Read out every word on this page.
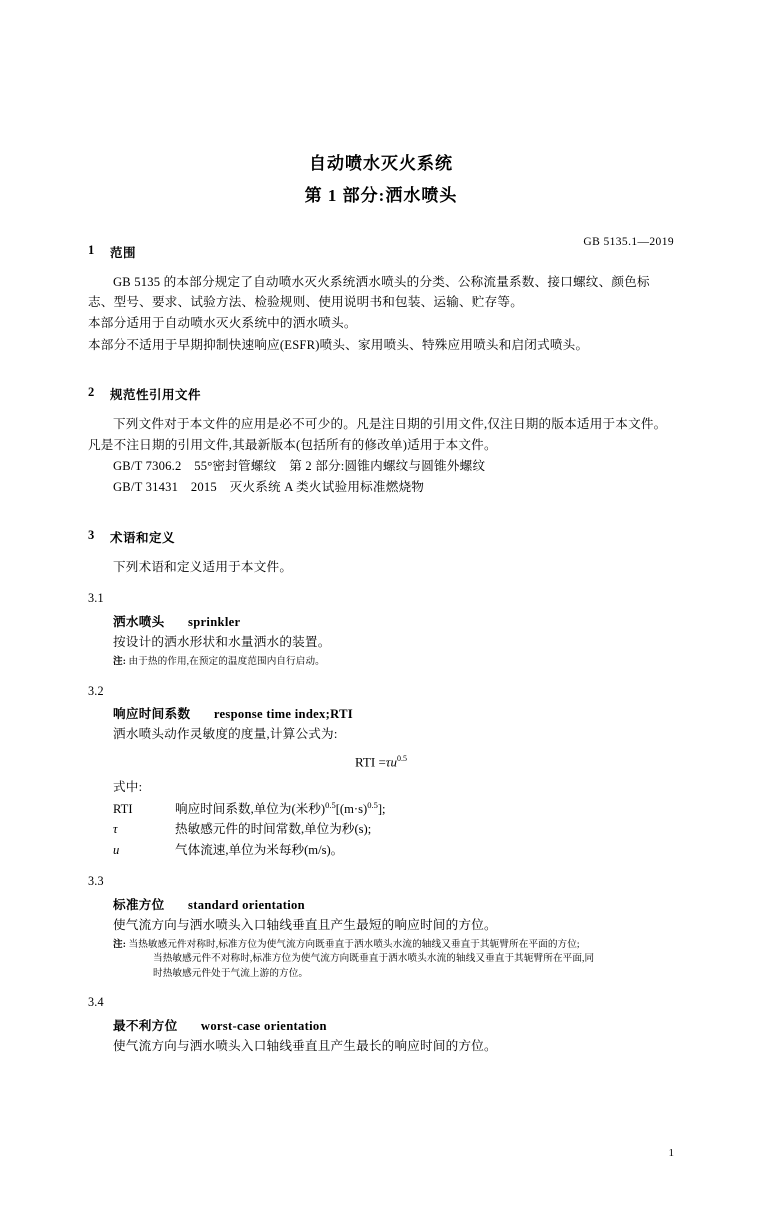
GB 5135.1—2019
自动喷水灭火系统
第 1 部分:洒水喷头
1	范围

GB 5135 的本部分规定了自动喷水灭火系统洒水喷头的分类、公称流量系数、接口螺纹、颜色标志、型号、要求、试验方法、检验规则、使用说明书和包装、运输、贮存等。

本部分适用于自动喷水灭火系统中的洒水喷头。

本部分不适用于早期抑制快速响应(ESFR)喷头、家用喷头、特殊应用喷头和启闭式喷头。

2	规范性引用文件

下列文件对于本文件的应用是必不可少的。凡是注日期的引用文件,仅注日期的版本适用于本文件。凡是不注日期的引用文件,其最新版本(包括所有的修改单)适用于本文件。

GB/T 7306.2　55°密封管螺纹　第 2 部分:圆锥内螺纹与圆锥外螺纹

GB/T 31431　2015　灭火系统 A 类火试验用标准燃烧物

3	术语和定义

下列术语和定义适用于本文件。

3.1

洒水喷头 sprinkler

按设计的洒水形状和水量洒水的装置。

注: 由于热的作用,在预定的温度范围内自行启动。

3.2

响应时间系数 response time index;RTI

洒水喷头动作灵敏度的度量,计算公式为:

RTI $=\tau u^{0.5}$

式中:

RTI	响应时间系数,单位为(米秒)$^{0.5}[(m\cdot s)^{0.5}]$;
τ	热敏感元件的时间常数,单位为秒(s);
u	气体流速,单位为米每秒(m/s)。

3.3

标准方位 standard orientation

使气流方向与洒水喷头入口轴线垂直且产生最短的响应时间的方位。

注: 当热敏感元件对称时,标准方位为使气流方向既垂直于洒水喷头水流的轴线又垂直于其轭臂所在平面的方位;
当热敏感元件不对称时,标准方位为使气流方向既垂直于洒水喷头水流的轴线又垂直于其轭臂所在平面,同
时热敏感元件处于气流上游的方位。

3.4

最不利方位 worst-case orientation

使气流方向与洒水喷头入口轴线垂直且产生最长的响应时间的方位。

1
